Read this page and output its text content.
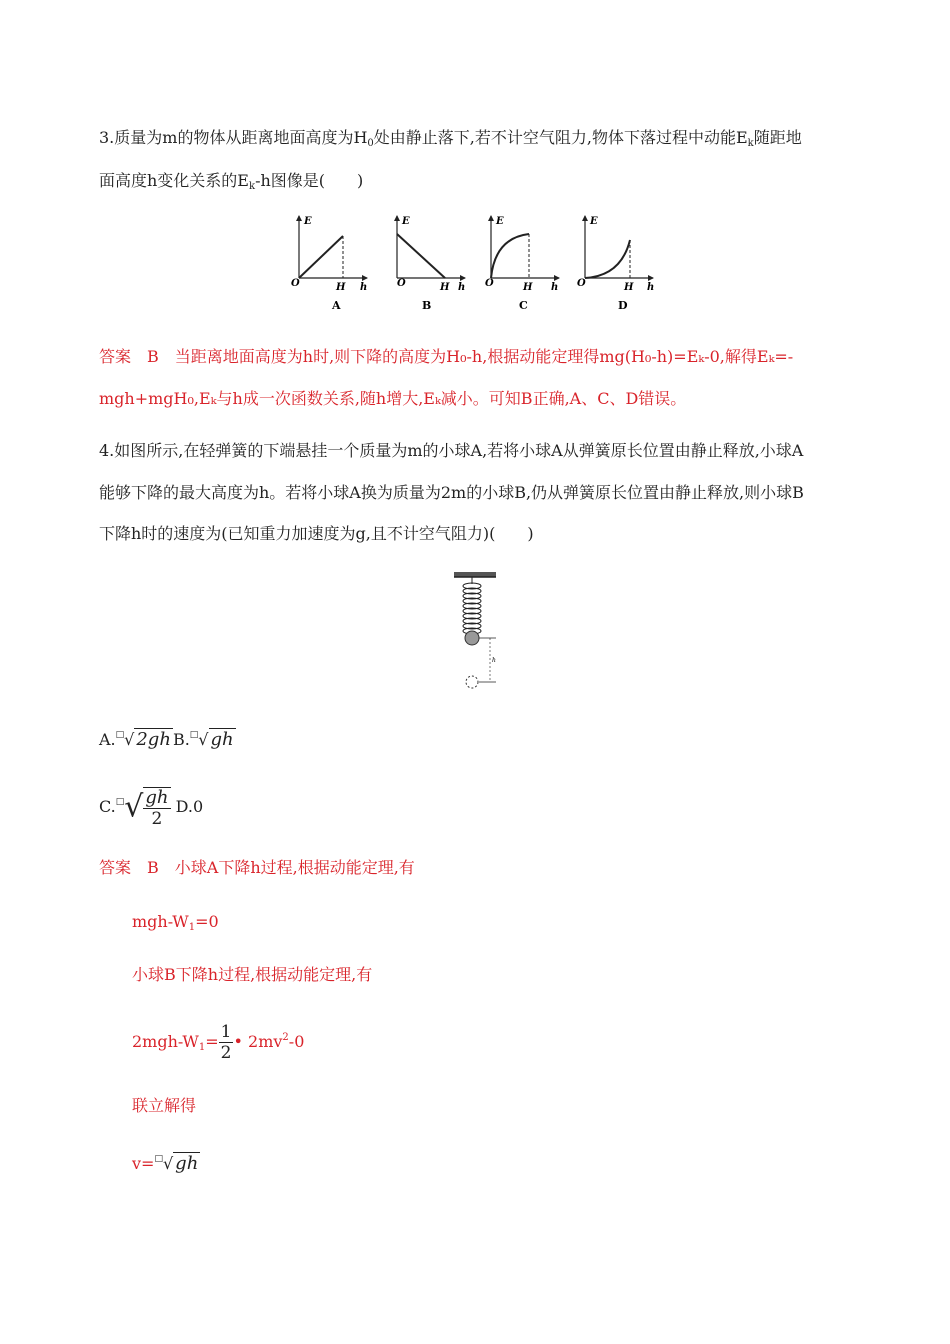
3.质量为m的物体从距离地面高度为$H_0$处由静止落下,若不计空气阻力,物体下落过程中动能$E_k$随距地
面高度h变化关系的$E_k-h$图像是(　　)
E
O	H h
A
E
O	H h
B
E
O	H h
C
E
O	H h
D
答案　B　当距离地面高度为h时,则下降的高度为H₀-h,根据动能定理得mg(H₀-h)=Eₖ-0,解得Eₖ=-
mgh+mgH₀,Eₖ与h成一次函数关系,随h增大,Eₖ减小。可知B正确,A、C、D错误。
4.如图所示,在轻弹簧的下端悬挂一个质量为m的小球A,若将小球A从弹簧原长位置由静止释放,小球A
能够下降的最大高度为h。若将小球A换为质量为2m的小球B,仍从弹簧原长位置由静止释放,则小球B
下降h时的速度为(已知重力加速度为g,且不计空气阻力)(　　)
h
A.□√ 2gh B.□√ gh
$C.^□√ \frac{gh}{2} D.0$
答案　B　小球A下降h过程,根据动能定理,有
mgh-$W_1=0$
小球B下降h过程,根据动能定理,有
$2mgh-W_1= \frac{1}{2}$ • $2mv^2-0$
联立解得
v=□√ gh
